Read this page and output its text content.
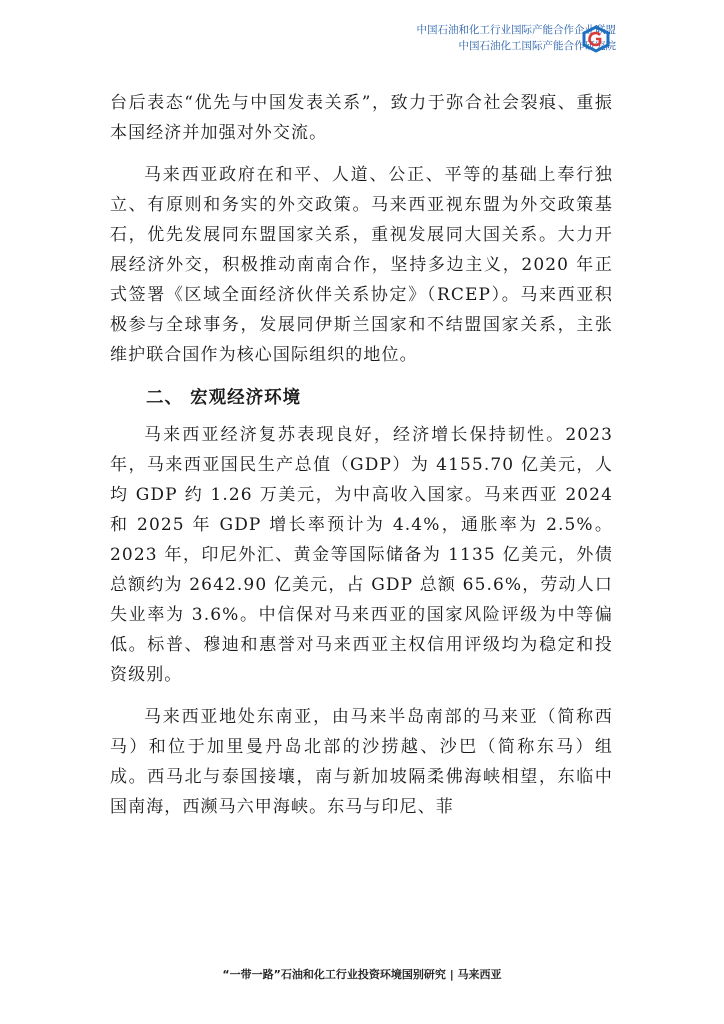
中国石油和化工行业国际产能合作企业联盟
中国石油化工国际产能合作研究院

台后表态“优先与中国发表关系”，致力于弥合社会裂痕、重振本国经济并加强对外交流。

马来西亚政府在和平、人道、公正、平等的基础上奉行独立、有原则和务实的外交政策。马来西亚视东盟为外交政策基石，优先发展同东盟国家关系，重视发展同大国关系。大力开展经济外交，积极推动南南合作，坚持多边主义，2020 年正式签署《区域全面经济伙伴关系协定》（RCEP）。马来西亚积极参与全球事务，发展同伊斯兰国家和不结盟国家关系，主张维护联合国作为核心国际组织的地位。

二、 宏观经济环境

马来西亚经济复苏表现良好，经济增长保持韧性。2023 年，马来西亚国民生产总值（GDP）为 4155.70 亿美元，人均 GDP 约 1.26 万美元，为中高收入国家。马来西亚 2024 和 2025 年 GDP 增长率预计为 4.4%，通胀率为 2.5%。2023 年，印尼外汇、黄金等国际储备为 1135 亿美元，外债总额约为 2642.90 亿美元，占 GDP 总额 65.6%，劳动人口失业率为 3.6%。中信保对马来西亚的国家风险评级为中等偏低。标普、穆迪和惠誉对马来西亚主权信用评级均为稳定和投资级别。

马来西亚地处东南亚，由马来半岛南部的马来亚（简称西马）和位于加里曼丹岛北部的沙捞越、沙巴（简称东马）组成。西马北与泰国接壤，南与新加坡隔柔佛海峡相望，东临中国南海，西濒马六甲海峡。东马与印尼、菲

“一带一路”石油和化工行业投资环境国别研究 | 马来西亚
